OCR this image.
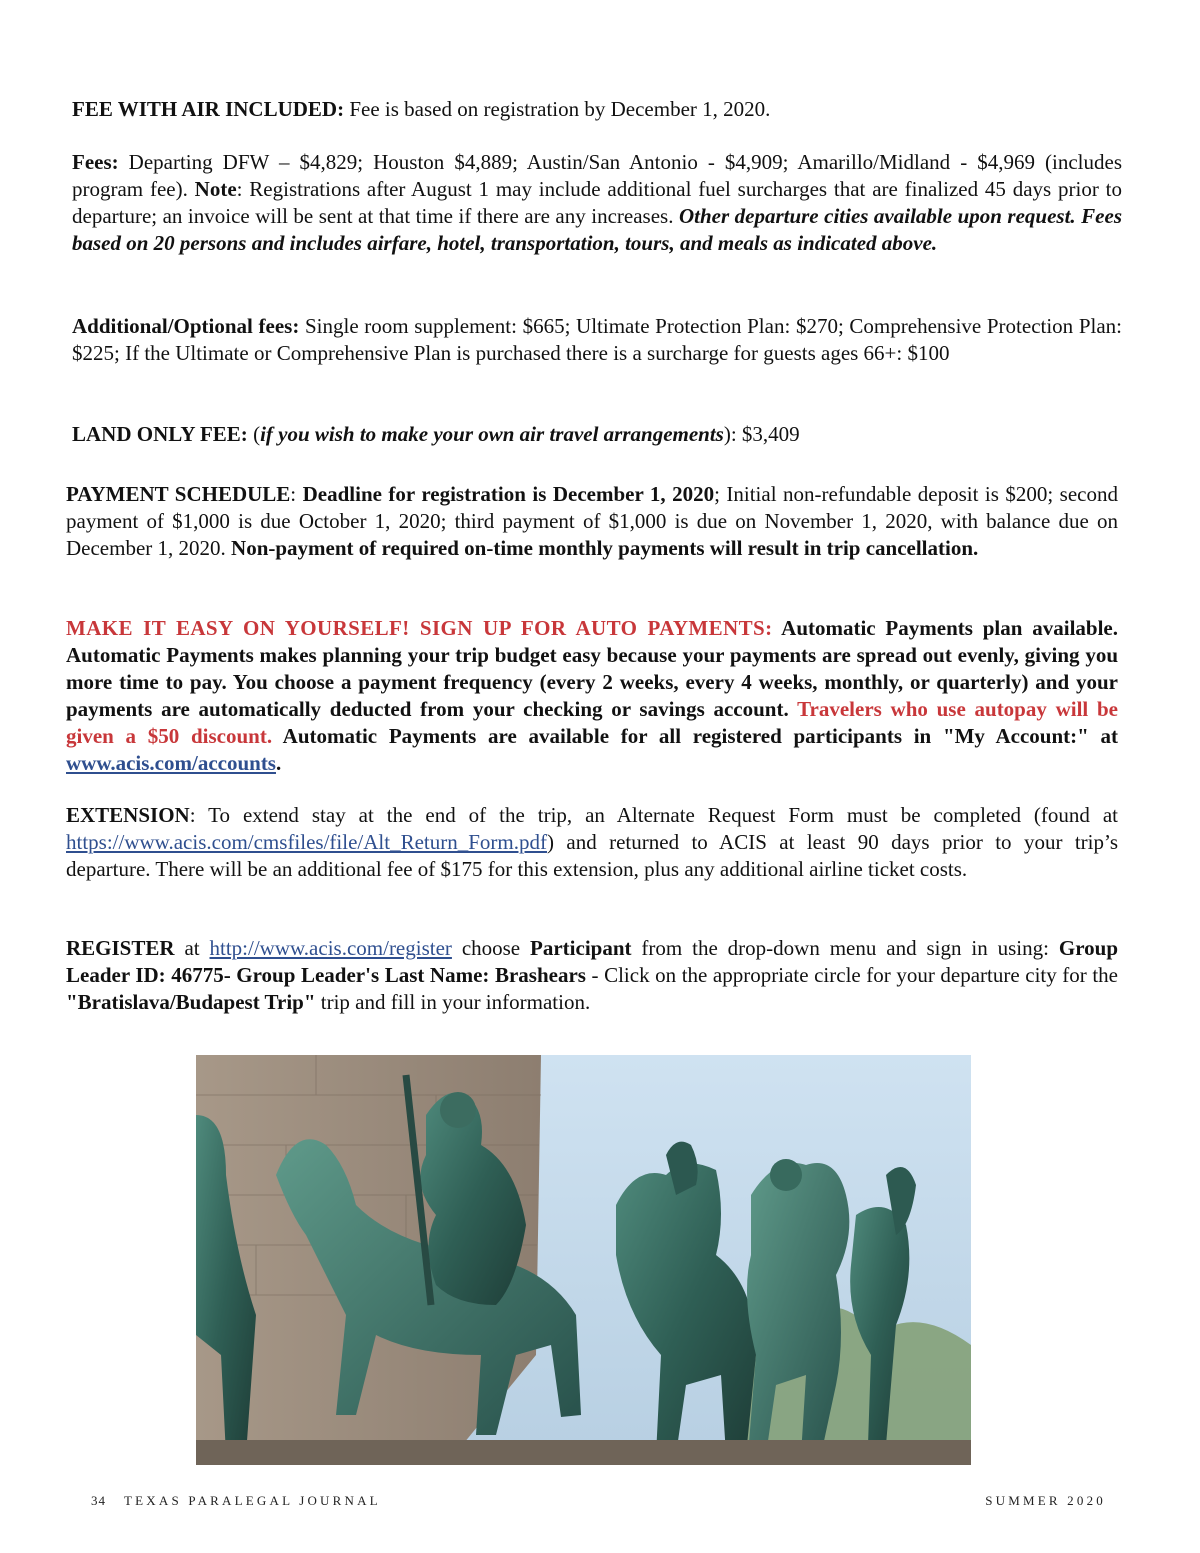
FEE WITH AIR INCLUDED: Fee is based on registration by December 1, 2020.

Fees: Departing DFW – $4,829; Houston $4,889; Austin/San Antonio - $4,909; Amarillo/Midland - $4,969 (includes program fee). Note: Registrations after August 1 may include additional fuel surcharges that are finalized 45 days prior to departure; an invoice will be sent at that time if there are any increases. Other departure cities available upon request. Fees based on 20 persons and includes airfare, hotel, transportation, tours, and meals as indicated above.

Additional/Optional fees: Single room supplement: $665; Ultimate Protection Plan: $270; Comprehensive Protection Plan: $225; If the Ultimate or Comprehensive Plan is purchased there is a surcharge for guests ages 66+: $100

LAND ONLY FEE: (if you wish to make your own air travel arrangements): $3,409

PAYMENT SCHEDULE: Deadline for registration is December 1, 2020; Initial non-refundable deposit is $200; second payment of $1,000 is due October 1, 2020; third payment of $1,000 is due on November 1, 2020, with balance due on December 1, 2020. Non-payment of required on-time monthly payments will result in trip cancellation.

MAKE IT EASY ON YOURSELF! SIGN UP FOR AUTO PAYMENTS: Automatic Payments plan available. Automatic Payments makes planning your trip budget easy because your payments are spread out evenly, giving you more time to pay. You choose a payment frequency (every 2 weeks, every 4 weeks, monthly, or quarterly) and your payments are automatically deducted from your checking or savings account. Travelers who use autopay will be given a $50 discount. Automatic Payments are available for all registered participants in "My Account:" at www.acis.com/accounts.

EXTENSION: To extend stay at the end of the trip, an Alternate Request Form must be completed (found at https://www.acis.com/cmsfiles/file/Alt_Return_Form.pdf) and returned to ACIS at least 90 days prior to your trip’s departure. There will be an additional fee of $175 for this extension, plus any additional airline ticket costs.

REGISTER at http://www.acis.com/register choose Participant from the drop-down menu and sign in using: Group Leader ID: 46775- Group Leader's Last Name: Brashears - Click on the appropriate circle for your departure city for the "Bratislava/Budapest Trip" trip and fill in your information.

34 TEXAS PARALEGAL JOURNAL	SUMMER 2020
